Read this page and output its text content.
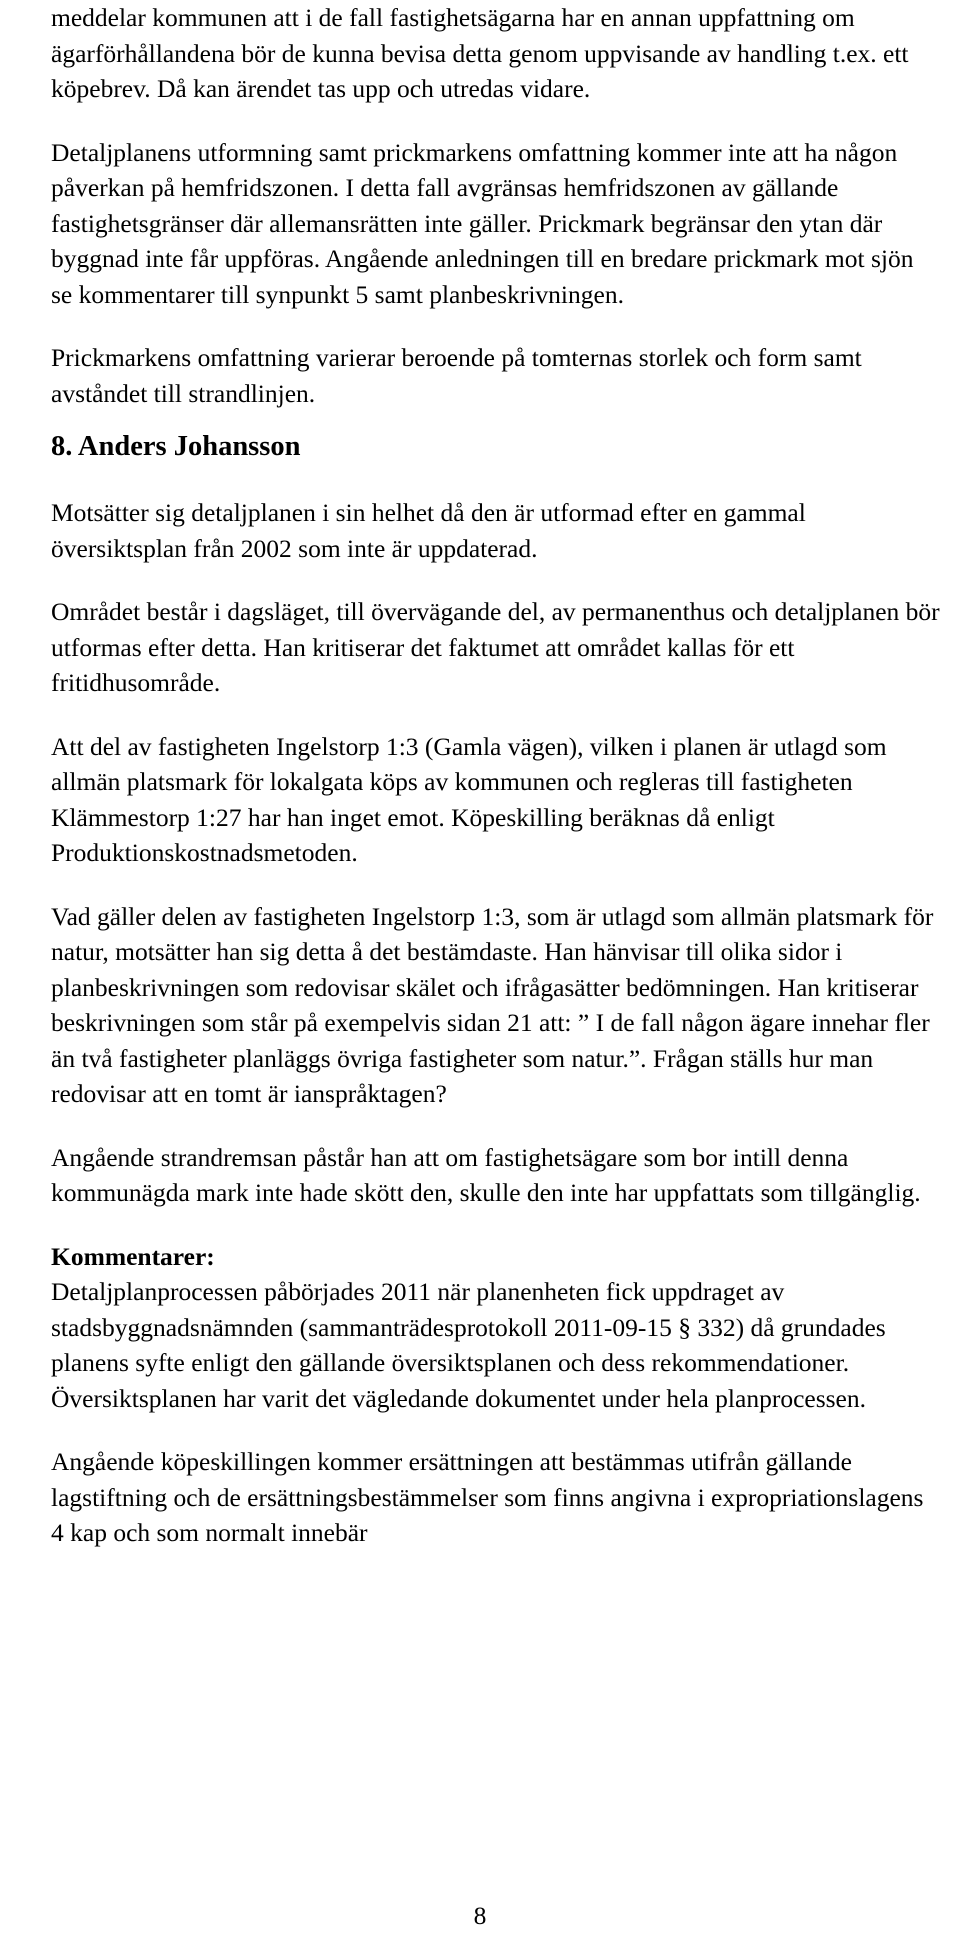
meddelar kommunen att i de fall fastighetsägarna har en annan uppfattning om ägarförhållandena bör de kunna bevisa detta genom uppvisande av handling t.ex. ett köpebrev. Då kan ärendet tas upp och utredas vidare.

Detaljplanens utformning samt prickmarkens omfattning kommer inte att ha någon påverkan på hemfridszonen. I detta fall avgränsas hemfridszonen av gällande fastighetsgränser där allemansrätten inte gäller. Prickmark begränsar den ytan där byggnad inte får uppföras. Angående anledningen till en bredare prickmark mot sjön se kommentarer till synpunkt 5 samt planbeskrivningen.

Prickmarkens omfattning varierar beroende på tomternas storlek och form samt avståndet till strandlinjen.

8. Anders Johansson

Motsätter sig detaljplanen i sin helhet då den är utformad efter en gammal översiktsplan från 2002 som inte är uppdaterad.

Området består i dagsläget, till övervägande del, av permanenthus och detaljplanen bör utformas efter detta. Han kritiserar det faktumet att området kallas för ett fritidhusområde.

Att del av fastigheten Ingelstorp 1:3 (Gamla vägen), vilken i planen är utlagd som allmän platsmark för lokalgata köps av kommunen och regleras till fastigheten Klämmestorp 1:27 har han inget emot. Köpeskilling beräknas då enligt Produktionskostnadsmetoden.

Vad gäller delen av fastigheten Ingelstorp 1:3, som är utlagd som allmän platsmark för natur, motsätter han sig detta å det bestämdaste. Han hänvisar till olika sidor i planbeskrivningen som redovisar skälet och ifrågasätter bedömningen. Han kritiserar beskrivningen som står på exempelvis sidan 21 att: ” I de fall någon ägare innehar fler än två fastigheter planläggs övriga fastigheter som natur.”. Frågan ställs hur man redovisar att en tomt är ianspråktagen?

Angående strandremsan påstår han att om fastighetsägare som bor intill denna kommunägda mark inte hade skött den, skulle den inte har uppfattats som tillgänglig.

Kommentarer:

Detaljplanprocessen påbörjades 2011 när planenheten fick uppdraget av stadsbyggnadsnämnden (sammanträdesprotokoll 2011-09-15 § 332) då grundades planens syfte enligt den gällande översiktsplanen och dess rekommendationer. Översiktsplanen har varit det vägledande dokumentet under hela planprocessen.

Angående köpeskillingen kommer ersättningen att bestämmas utifrån gällande lagstiftning och de ersättningsbestämmelser som finns angivna i expropriationslagens 4 kap och som normalt innebär

8
